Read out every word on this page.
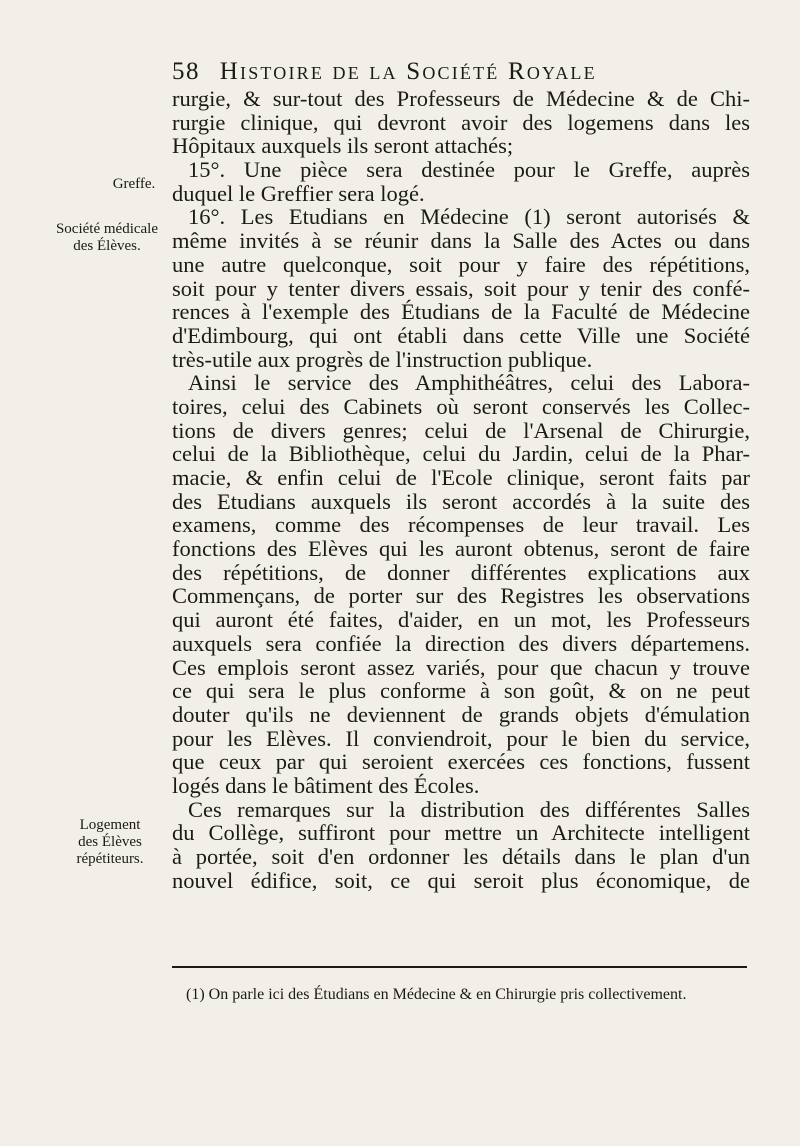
58 Histoire de la Société Royale
Greffe.
Société médicale
des Élèves.
Logement
des Élèves
répétiteurs.
rurgie, & sur-tout des Professeurs de Médecine & de Chi-
rurgie clinique, qui devront avoir des logemens dans les
Hôpitaux auxquels ils seront attachés;
15°. Une pièce sera destinée pour le Greffe, auprès
duquel le Greffier sera logé.
16°. Les Etudians en Médecine (1) seront autorisés &
même invités à se réunir dans la Salle des Actes ou dans
une autre quelconque, soit pour y faire des répétitions,
soit pour y tenter divers essais, soit pour y tenir des confé-
rences à l'exemple des Étudians de la Faculté de Médecine
d'Edimbourg, qui ont établi dans cette Ville une Société
très-utile aux progrès de l'instruction publique.
Ainsi le service des Amphithéâtres, celui des Labora-
toires, celui des Cabinets où seront conservés les Collec-
tions de divers genres; celui de l'Arsenal de Chirurgie,
celui de la Bibliothèque, celui du Jardin, celui de la Phar-
macie, & enfin celui de l'Ecole clinique, seront faits par
des Etudians auxquels ils seront accordés à la suite des
examens, comme des récompenses de leur travail. Les
fonctions des Elèves qui les auront obtenus, seront de faire
des répétitions, de donner différentes explications aux
Commençans, de porter sur des Registres les observations
qui auront été faites, d'aider, en un mot, les Professeurs
auxquels sera confiée la direction des divers départemens.
Ces emplois seront assez variés, pour que chacun y trouve
ce qui sera le plus conforme à son goût, & on ne peut
douter qu'ils ne deviennent de grands objets d'émulation
pour les Elèves. Il conviendroit, pour le bien du service,
que ceux par qui seroient exercées ces fonctions, fussent
logés dans le bâtiment des Écoles.
Ces remarques sur la distribution des différentes Salles
du Collège, suffiront pour mettre un Architecte intelligent
à portée, soit d'en ordonner les détails dans le plan d'un
nouvel édifice, soit, ce qui seroit plus économique, de
(1) On parle ici des Étudians en Médecine & en Chirurgie pris collectivement.
